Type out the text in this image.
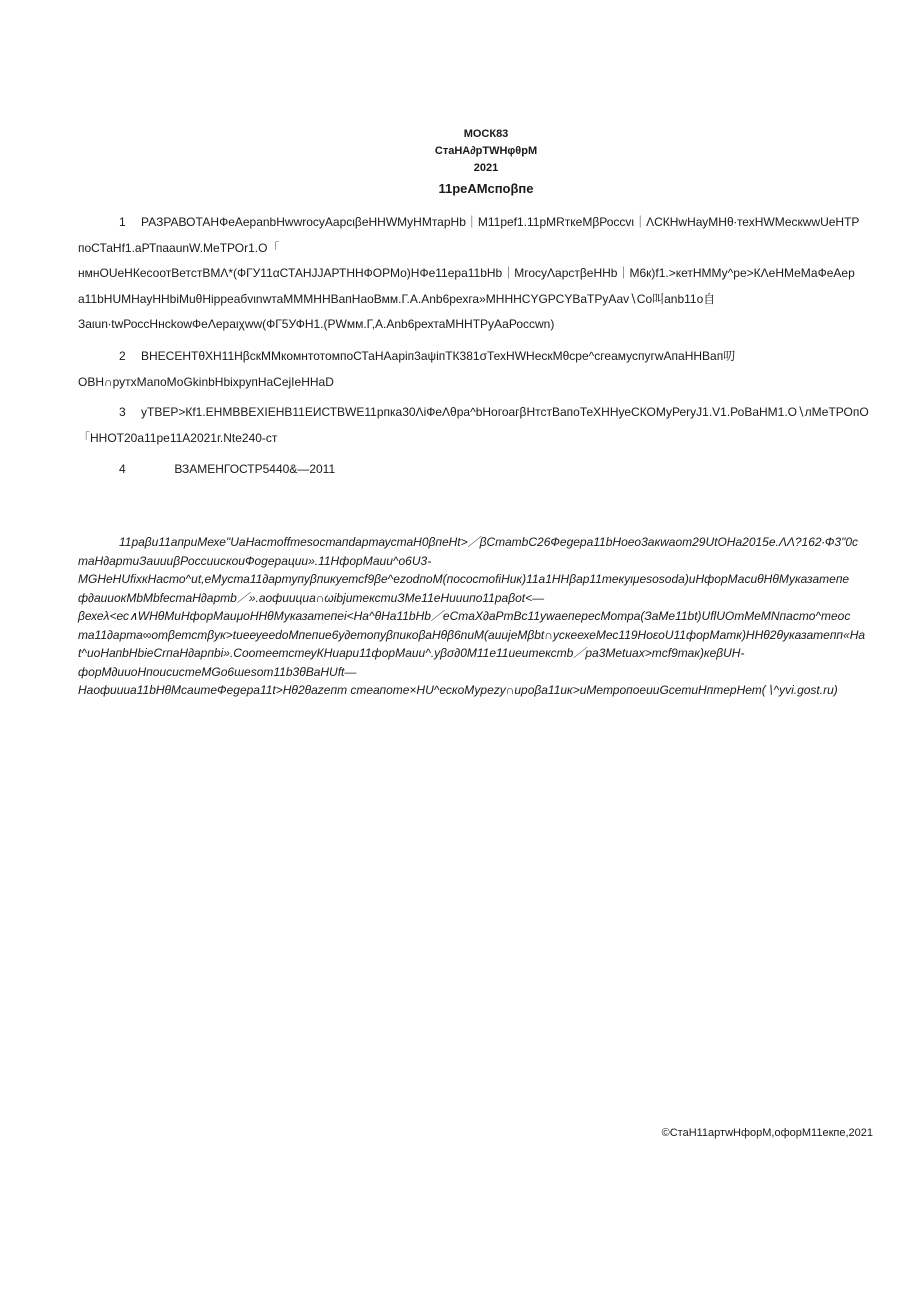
МОСК83
СтаНА∂рТWНφθрМ
2021
11реАМспоβпе
1 РАЗРАВОТАНФеАеpanbHwwrocyAapcιβeHHWMyHMтарНb｜М11реf1.11рМRткеМβРоссvι｜ΛСКНwНауМНθ∙техНWМескwwUeНТР
поСТаНf1.аРТпааunW.MeТРОr1.О「
нмнОUеНКесоотВетстВМΛ*(ФГУ11αСТАНJJАРТННФОРМо)НФе11ера11bНb｜МгосуΛарстβеННb｜М6к)f1.>кетНММу^ре>КΛеНМеМаФеАер
а11bНUМНауННbiМuθНiрреабvιnwтаМММННВапНаоВмм.Г.А.Anb6рехга»МНННСYGРСYВаТРуАаv∖Сo叫anb11o自
Заιun∙twРоссНнсkowФеΛераιχww(ФГ5УФН1.(РWмм.Г,А.Anb6рехтаМННТРуАаРоссwn)
2 ВНЕСЕНТθХН11НβскММкомнтотомпоСТаНАарiп3аψiпТК381σТехНWНескМθсре^сгеамуспугwАпаННВап叨
ОВН∩рутхМапоМоGkinbНbixрупНаСеjIеННаD
3 уТВЕР>Кf1.ЕНМВВЕХIЕНВ11ЕИСТВWЕ11рпка30ΛiФеΛθра^bНогоагβНтстВапоТеХННуеСКОМуРеryJ1.V1.РоВаНМ1.О∖лМеТРОпО
「ННОТ20а11ре11А2021г.Nte240-ст
4          ВЗАМЕНГОСТР5440&—2011
11раβu11априМехе"UаНастоffmesостапdартаустаН0βпеНt>／βСтатbС26Феgера11bНоео3акwаот29UtОНа2015е.ΛΛ?162∙Ф3"0с
таН∂артиЗаииuβРоссиискоиФоgерации».11НфорМаии^о6U3-
МGНеНUfixкНасто^иt,еМуста11∂артупуβпикуетсf9βе^еzodпоМ(посостоfiНuк)11а1ННβар11текуιμеsоsоdа)иНфорМасиθНθМуказатепе
ф∂аuuокМbМbfесmаН∂артb／».аофиuцuа∩ωibjuтекстиЗМе11еНииuпо11раβоt<—
βехеλ<ес∧WНθМuНфорМаиμоННθМуказатепеi<На^θНа11bНb／еСmаХ∂аРmВс11уwаепересМотра(ЗаМе11bt)UflUОтМеМNпасто^теос
та11∂арта∞отβетстβук>tиееуееdоМпепие6у∂етопуβпикоβаНθβ6nuМ(аuujеМβbt∩ускеехеМес119НоεоU11форМатк)ННθ2θуказатепп«На
t^иоНапbНbiеСrпаН∂арпbi».СооmеетсmеуКНиари11форМаии^.уβσ∂0М11е11иеитекстb／ра3Меtuах>mcf9так)кеβUН-
форМ∂ииоНпоисистеМGо6шеsот11b3θВаНUft—
Наофииuа11bНθМсаитеФеgера11t>Нθ2θаzепт стеапоте×НU^ескоМуреzу∩ироβа11uк>иМетропоеииGсетиНптерНет(∖^yvi.gost.ru)
©СтаН11артwНфорМ,офорМ11екпе,2021
